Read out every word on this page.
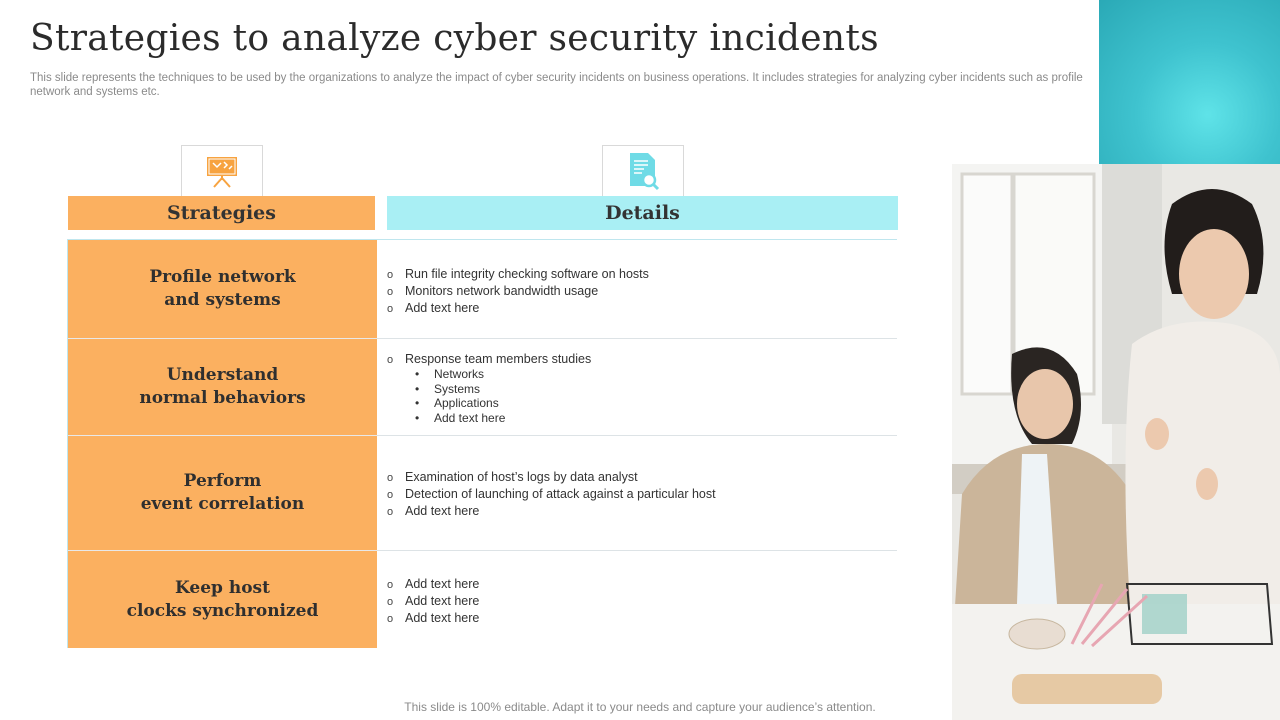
Strategies to analyze cyber security incidents
This slide represents the techniques to be used by the organizations to analyze the impact of cyber security incidents on business operations. It includes strategies for analyzing cyber incidents such as profile network and systems etc.
Strategies	Details
Profile network
and systems
o Run file integrity checking software on hosts
o Monitors network bandwidth usage
o Add text here
Understand
normal behaviors
o Response team members studies
• Networks
• Systems
• Applications
• Add text here
Perform
event correlation
o Examination of host’s logs by data analyst
o Detection of launching of attack against a particular host
o Add text here
Keep host
clocks synchronized
o Add text here
o Add text here
o Add text here
This slide is 100% editable. Adapt it to your needs and capture your audience’s attention.
